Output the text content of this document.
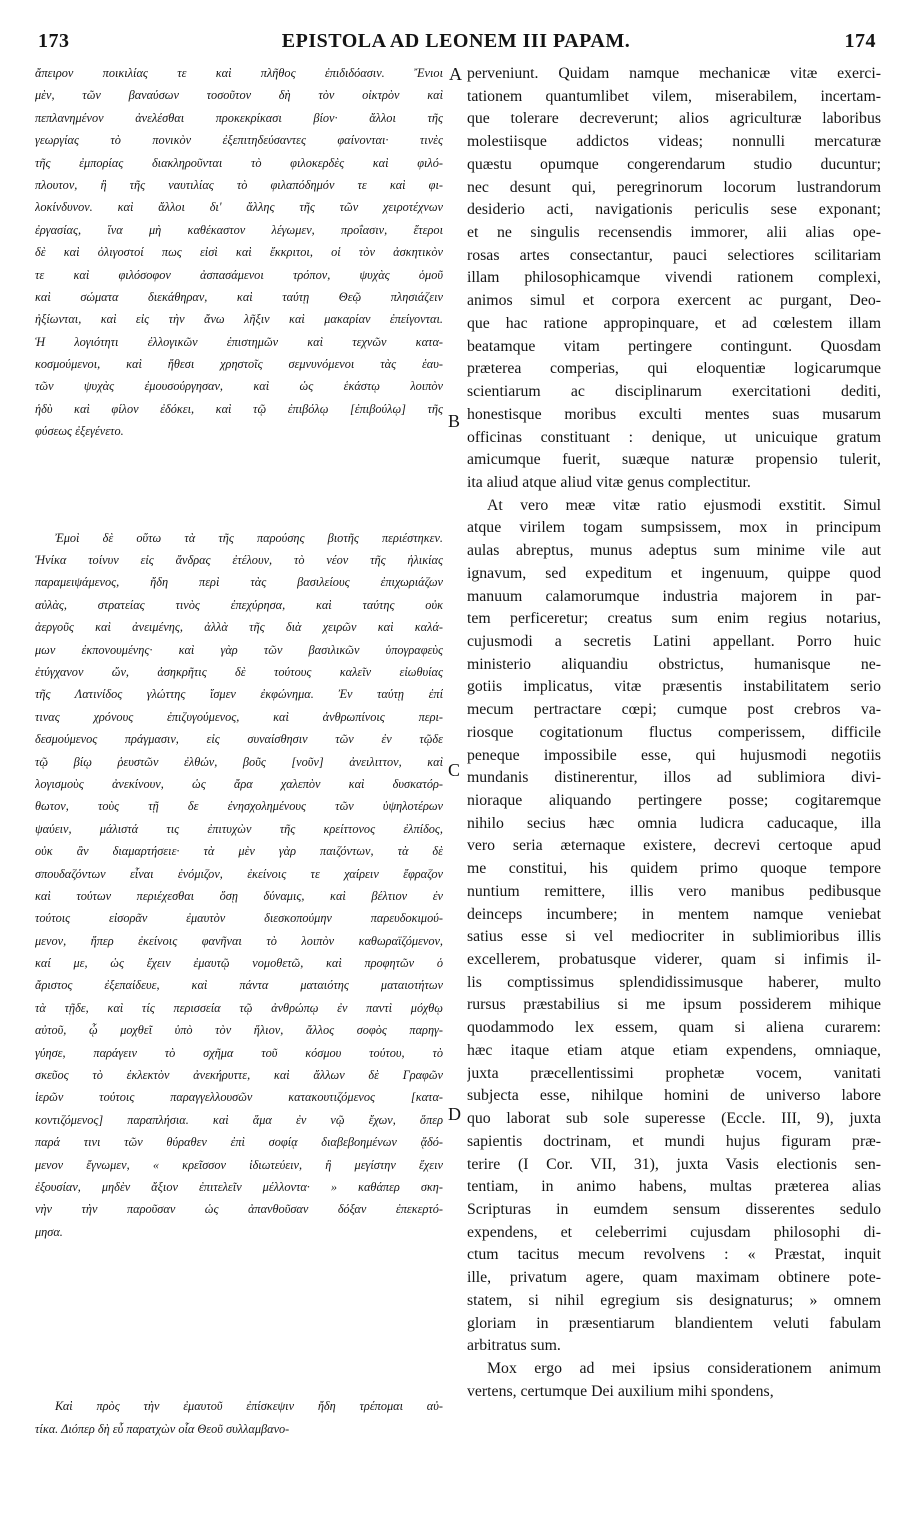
173	EPISTOLA AD LEONEM III PAPAM.	174
ἄπειρον ποικιλίας τε καὶ πλῆθος ἐπιδιδόασιν. Ἔνιοι
μὲν, τῶν βαναύσων τοσοῦτον δὴ τὸν οἰκτρὸν καὶ
πεπλανημένον ἀνελέσθαι προκεκρίκασι βίον· ἄλλοι τῆς
γεωργίας τὸ πονικὸν ἐξεπιτηδεύσαντες φαίνονται· τινὲς
τῆς ἐμπορίας διακληροῦνται τὸ φιλοκερδὲς καὶ φιλό-
πλουτον, ἢ τῆς ναυτιλίας τὸ φιλαπόδημόν τε καὶ φι-
λοκίνδυνον. καὶ ἄλλοι δι' ἄλλης τῆς τῶν χειροτέχνων
ἐργασίας, ἵνα μὴ καθέκαστον λέγωμεν, προΐασιν, ἕτεροι
δὲ καὶ ὀλιγοστοί πως εἰσὶ καὶ ἔκκριτοι, οἱ τὸν ἀσκητικὸν
τε καὶ φιλόσοφον ἀσπασάμενοι τρόπον, ψυχὰς ὁμοῦ
καὶ σώματα διεκάθηραν, καὶ ταύτῃ Θεῷ πλησιάζειν
ἠξίωνται, καὶ εἰς τὴν ἄνω λῆξιν καὶ μακαρίαν ἐπείγονται.
Ἡ λογιότητι ἐλλογικῶν ἐπιστημῶν καὶ τεχνῶν κατα-
κοσμούμενοι, καὶ ἤθεσι χρηστοῖς σεμνυνόμενοι τὰς ἑαυ-
τῶν ψυχὰς ἐμουσούργησαν, καὶ ὡς ἑκάστῳ λοιπὸν
ἡδὺ καὶ φίλον ἐδόκει, καὶ τῷ ἐπιβόλῳ [ἐπιβούλῳ] τῆς
φύσεως ἐξεγένετο.
Ἐμοὶ δὲ οὕτω τὰ τῆς παρούσης βιοτῆς περιέστηκεν.
Ἡνίκα τοίνυν εἰς ἄνδρας ἐτέλουν, τὸ νέον τῆς ἡλικίας
παραμειψάμενος, ἤδη περὶ τὰς βασιλείους ἐπιχωριάζων
αὐλὰς, στρατείας τινὸς ἐπεχύρησα, καὶ ταύτης οὐκ
ἀεργοῦς καὶ ἀνειμένης, ἀλλὰ τῆς διὰ χειρῶν καὶ καλά-
μων ἐκπονουμένης· καὶ γὰρ τῶν βασιλικῶν ὑπογραφεὺς
ἐτύγχανον ὤν, ἀσηκρῆτις δὲ τούτους καλεῖν εἰωθυίας
τῆς Λατινίδος γλώττης ἴσμεν ἐκφώνημα. Ἐν ταύτῃ ἐπί
τινας χρόνους ἐπιζυγούμενος, καὶ ἀνθρωπίνοις περι-
δεσμούμενος πράγμασιν, εἰς συναίσθησιν τῶν ἐν τῷδε
τῷ βίῳ ῥευστῶν ἐλθών, βοῦς [νοῦν] ἀνειλιττον, καὶ
λογισμοὺς ἀνεκίνουν, ὡς ἄρα χαλεπὸν καὶ δυσκατόρ-
θωτον, τοὺς τῇ δε ἐνησχολημένους τῶν ὑψηλοτέρων
ψαύειν, μάλιστά τις ἐπιτυχὼν τῆς κρείττονος ἐλπίδος,
οὐκ ἂν διαμαρτήσειε· τὰ μὲν γὰρ παιζόντων, τὰ δὲ
σπουδαζόντων εἶναι ἐνόμιζον, ἐκείνοις τε χαίρειν ἔφραζον
καὶ τούτων περιέχεσθαι ὅσῃ δύναμις, καὶ βέλτιον ἐν
τούτοις εἰσορᾶν ἐμαυτὸν διεσκοπούμην παρευδοκιμού-
μενον, ἤπερ ἐκείνοις φανῆναι τὸ λοιπὸν καθωραϊζόμενον,
καί με, ὡς ἔχειν ἐμαυτῷ νομοθετῶ, καὶ προφητῶν ὁ
ἄριστος ἐξεπαίδευε, καὶ πάντα ματαιότης ματαιοτήτων
τὰ τῇδε, καὶ τίς περισσεία τῷ ἀνθρώπῳ ἐν παντὶ μόχθῳ
αὐτοῦ, ᾧ μοχθεῖ ὑπὸ τὸν ἥλιον, ἄλλος σοφὸς παρηγ-
γύησε, παράγειν τὸ σχῆμα τοῦ κόσμου τούτου, τὸ
σκεῦος τὸ ἐκλεκτὸν ἀνεκήρυττε, καὶ ἄλλων δὲ Γραφῶν
ἱερῶν τούτοις παραγγελλουσῶν κατακουτιζόμενος [κατα-
κοντιζόμενος] παραπλήσια. καὶ ἅμα ἐν νῷ ἔχων, ὅπερ
παρά τινι τῶν θύραθεν ἐπὶ σοφίᾳ διαβεβοημένων ᾄδό-
μενον ἔγνωμεν, « κρεῖσσον ἰδιωτεύειν, ἢ μεγίστην ἔχειν
ἐξουσίαν, μηδὲν ἄξιον ἐπιτελεῖν μέλλοντα· » καθάπερ σκη-
νὴν τὴν παροῦσαν ὡς ἀπανθοῦσαν δόξαν ἐπεκερτό-
μησα.
Καὶ πρὸς τὴν ἐμαυτοῦ ἐπίσκεψιν ἤδη τρέπομαι αὐ-
τίκα. Διόπερ δὴ εὖ παρατχὼν οἷα Θεοῦ συλλαμβανο-
perveniunt. Quidam namque mechanicæ vitæ exerci-
tationem quantumlibet vilem, miserabilem, incertam-
que tolerare decreverunt; alios agriculturæ laboribus
molestiisque addictos videas; nonnulli mercaturæ
quæstu opumque congerendarum studio ducuntur;
nec desunt qui, peregrinorum locorum lustrandorum
desiderio acti, navigationis periculis sese exponant;
et ne singulis recensendis immorer, alii alias ope-
rosas artes consectantur, pauci selectiores scilitariam
illam philosophicamque vivendi rationem complexi,
animos simul et corpora exercent ac purgant, Deo-
que hac ratione appropinquare, et ad cœlestem illam
beatamque vitam pertingere contingunt. Quosdam
præterea comperias, qui eloquentiæ logicarumque
scientiarum ac disciplinarum exercitationi dediti,
honestisque moribus exculti mentes suas musarum
officinas constituant : denique, ut unicuique gratum
amicumque fuerit, suæque naturæ propensio tulerit,
ita aliud atque aliud vitæ genus complectitur.
At vero meæ vitæ ratio ejusmodi exstitit. Simul
atque virilem togam sumpsissem, mox in principum
aulas abreptus, munus adeptus sum minime vile aut
ignavum, sed expeditum et ingenuum, quippe quod
manuum calamorumque industria majorem in par-
tem perficeretur; creatus sum enim regius notarius,
cujusmodi a secretis Latini appellant. Porro huic
ministerio aliquandiu obstrictus, humanisque ne-
gotiis implicatus, vitæ præsentis instabilitatem serio
mecum pertractare cœpi; cumque post crebros va-
riosque cogitationum fluctus comperissem, difficile
peneque impossibile esse, qui hujusmodi negotiis
mundanis distinerentur, illos ad sublimiora divi-
nioraque aliquando pertingere posse; cogitaremque
nihilo secius hæc omnia ludicra caducaque, illa
vero seria æternaque existere, decrevi certoque apud
me constitui, his quidem primo quoque tempore
nuntium remittere, illis vero manibus pedibusque
deinceps incumbere; in mentem namque veniebat
satius esse si vel mediocriter in sublimioribus illis
excellerem, probatusque viderer, quam si infimis il-
lis comptissimus splendidissimusque haberer, multo
rursus præstabilius si me ipsum possiderem mihique
quodammodo lex essem, quam si aliena curarem:
hæc itaque etiam atque etiam expendens, omniaque,
juxta præcellentissimi prophetæ vocem, vanitati
subjecta esse, nihilque homini de universo labore
quo laborat sub sole superesse (Eccle. III, 9), juxta
sapientis doctrinam, et mundi hujus figuram præ-
terire (I Cor. VII, 31), juxta Vasis electionis sen-
tentiam, in animo habens, multas præterea alias
Scripturas in eumdem sensum disserentes sedulo
expendens, et celeberrimi cujusdam philosophi di-
ctum tacitus mecum revolvens : « Præstat, inquit
ille, privatum agere, quam maximam obtinere pote-
statem, si nihil egregium sis designaturus; » omnem
gloriam in præsentiarum blandientem veluti fabulam
arbitratus sum.
Mox ergo ad mei ipsius considerationem animum
vertens, certumque Dei auxilium mihi spondens,
A
B
C
D
